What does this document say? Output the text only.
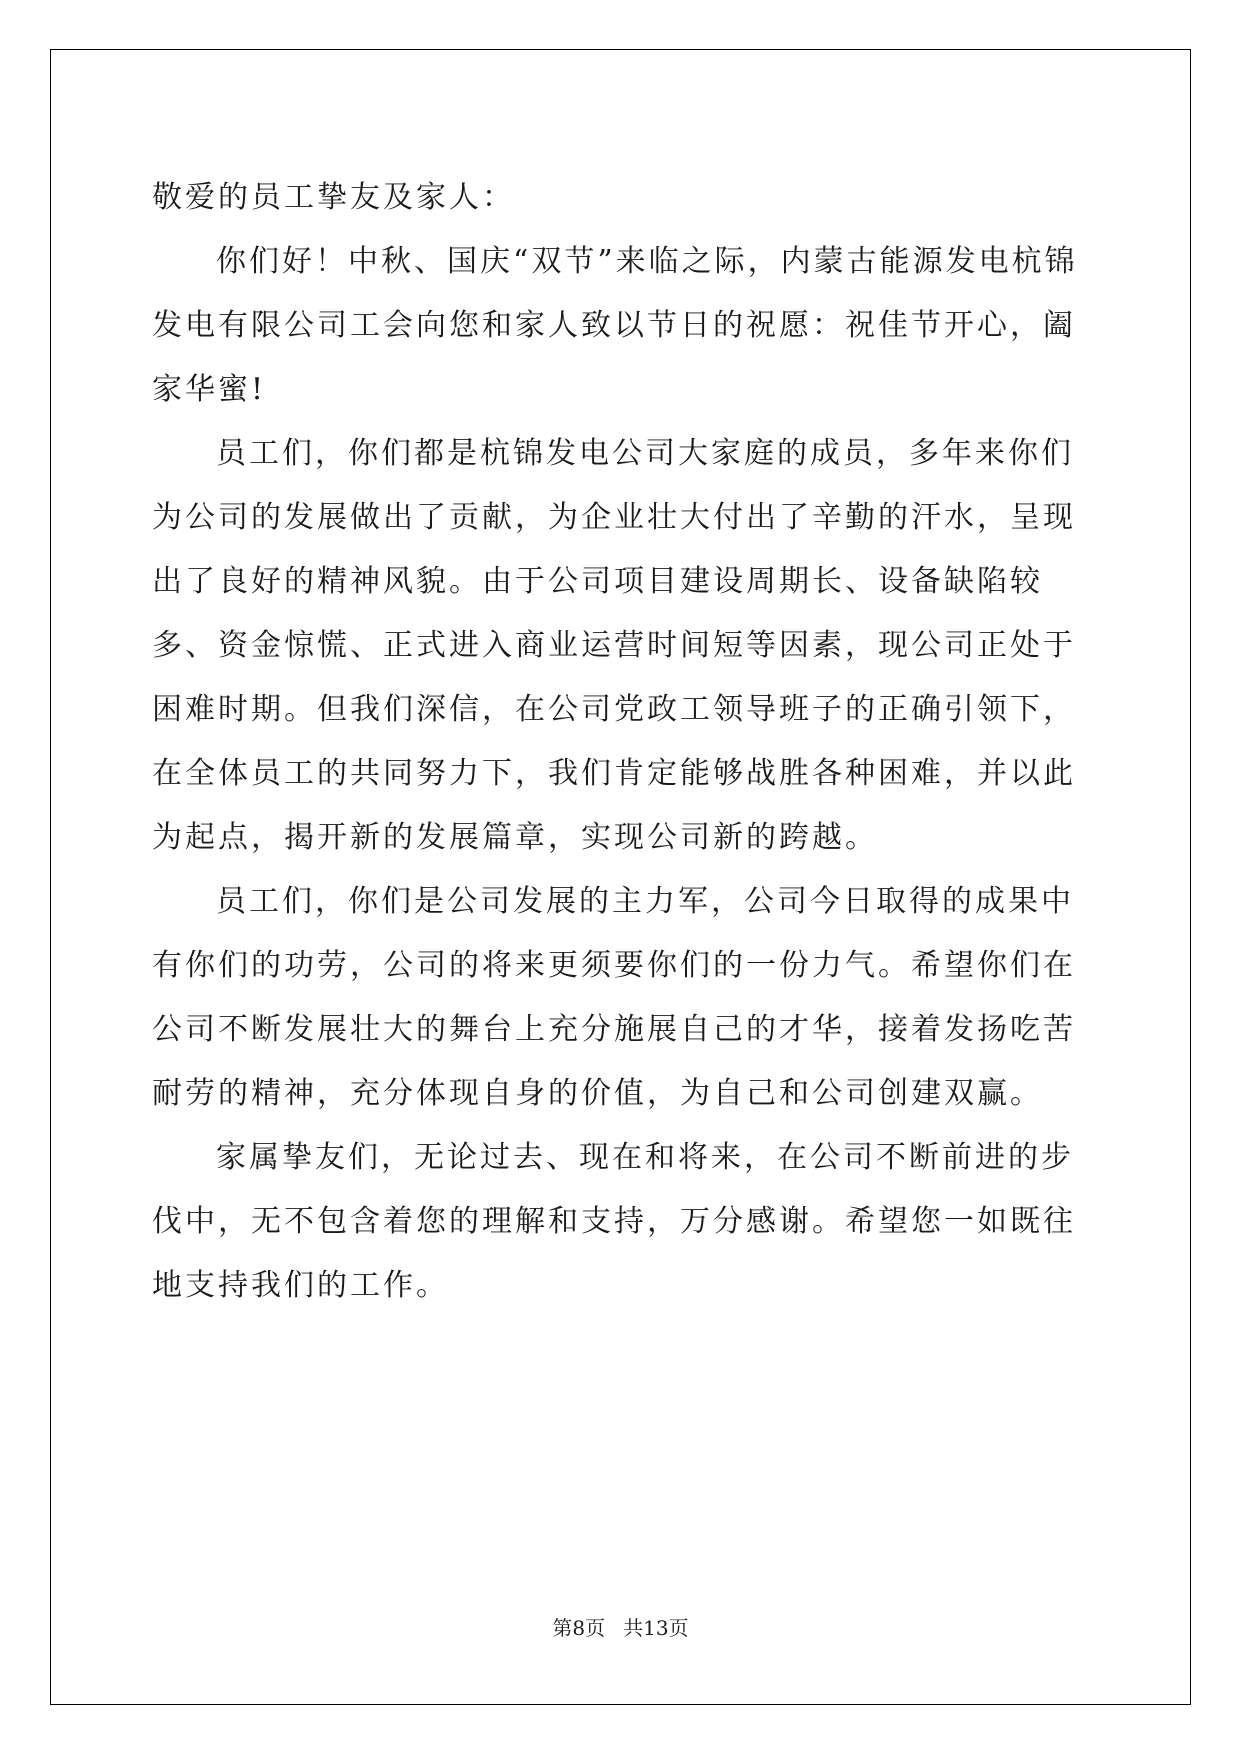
敬爱的员工挚友及家人：

你们好！中秋、国庆“双节”来临之际，内蒙古能源发电杭锦发电有限公司工会向您和家人致以节日的祝愿：祝佳节开心，阖家华蜜!

员工们，你们都是杭锦发电公司大家庭的成员，多年来你们为公司的发展做出了贡献，为企业壮大付出了辛勤的汗水，呈现出了良好的精神风貌。由于公司项目建设周期长、设备缺陷较多、资金惊慌、正式进入商业运营时间短等因素，现公司正处于困难时期。但我们深信，在公司党政工领导班子的正确引领下，在全体员工的共同努力下，我们肯定能够战胜各种困难，并以此为起点，揭开新的发展篇章，实现公司新的跨越。

员工们，你们是公司发展的主力军，公司今日取得的成果中有你们的功劳，公司的将来更须要你们的一份力气。希望你们在公司不断发展壮大的舞台上充分施展自己的才华，接着发扬吃苦耐劳的精神，充分体现自身的价值，为自己和公司创建双赢。

家属挚友们，无论过去、现在和将来，在公司不断前进的步伐中，无不包含着您的理解和支持，万分感谢。希望您一如既往地支持我们的工作。

第8页 共13页
